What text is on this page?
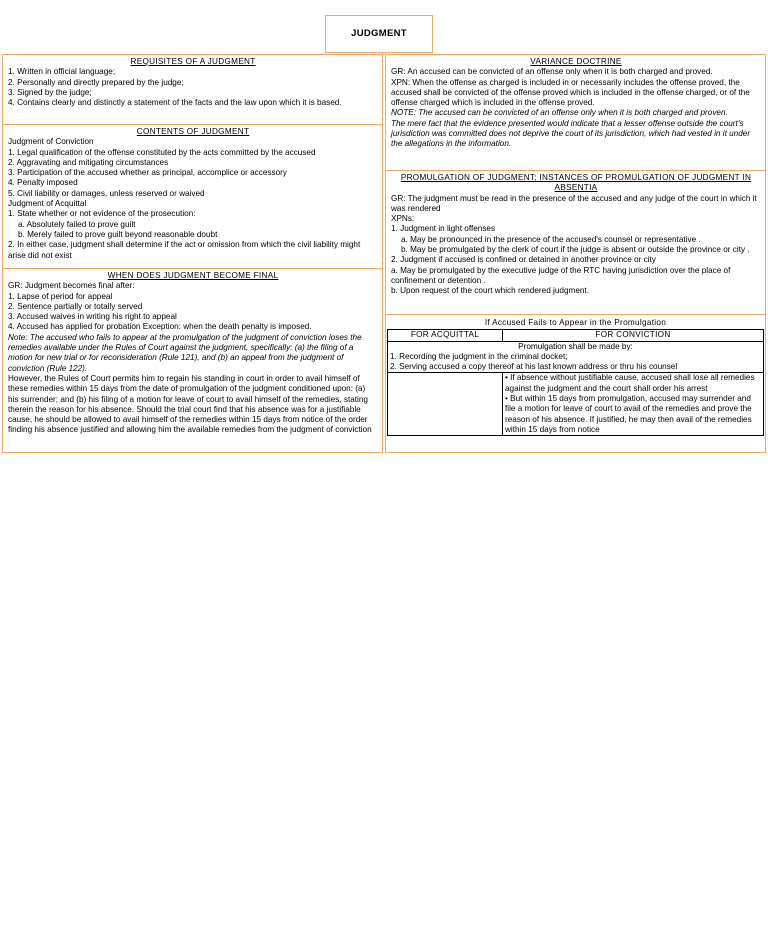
JUDGMENT
REQUISITES OF A JUDGMENT
1. Written in official language;
2. Personally and directly prepared by the judge;
3. Signed by the judge;
4. Contains clearly and distinctly a statement of the facts and the law upon which it is based.
CONTENTS OF JUDGMENT
Judgment of Conviction
1. Legal qualification of the offense constituted by the acts committed by the accused
2. Aggravating and mitigating circumstances
3. Participation of the accused whether as principal, accomplice or accessory
4. Penalty imposed
5. Civil liability or damages, unless reserved or waived
Judgment of Acquittal
1. State whether or not evidence of the prosecution:
a. Absolutely failed to prove guilt
b. Merely failed to prove guilt beyond reasonable doubt
2. In either case, judgment shall determine if the act or omission from which the civil liability might arise did not exist
WHEN DOES JUDGMENT BECOME FINAL
GR: Judgment becomes final after:
1. Lapse of period for appeal
2. Sentence partially or totally served
3. Accused waives in writing his right to appeal
4. Accused has applied for probation Exception: when the death penalty is imposed.
Note: The accused who fails to appear at the promulgation of the judgment of conviction loses the remedies available under the Rules of Court against the judgment, specifically: (a) the filing of a motion for new trial or for reconsideration (Rule 121), and (b) an appeal from the judgment of conviction (Rule 122).
However, the Rules of Court permits him to regain his standing in court in order to avail himself of these remedies within 15 days from the date of promulgation of the judgment conditioned upon: (a) his surrender; and (b) his filing of a motion for leave of court to avail himself of the remedies, stating therein the reason for his absence. Should the trial court find that his absence was for a justifiable cause, he should be allowed to avail himself of the remedies within 15 days from notice of the order finding his absence justified and allowing him the available remedies from the judgment of conviction
VARIANCE DOCTRINE
GR: An accused can be convicted of an offense only when it is both charged and proved.
XPN: When the offense as charged is included in or necessarily includes the offense proved, the accused shall be convicted of the offense proved which is included in the offense charged, or of the offense charged which is included in the offense proved.
NOTE: The accused can be convicted of an offense only when it is both charged and proven.
The mere fact that the evidence presented would indicate that a lesser offense outside the court's jurisdiction was committed does not deprive the court of its jurisdiction, which had vested in it under the allegations in the information.
PROMULGATION OF JUDGMENT; INSTANCES OF PROMULGATION OF JUDGMENT IN ABSENTIA
GR: The judgment must be read in the presence of the accused and any judge of the court in which it was rendered
XPNs:
1. Judgment in light offenses
a. May be pronounced in the presence of the accused's counsel or representative .
b. May be promulgated by the clerk of court if the judge is absent or outside the province or city .
2. Judgment if accused is confined or detained in another province or city
a. May be promulgated by the executive judge of the RTC having jurisdiction over the place of confinement or detention .
b. Upon request of the court which rendered judgment.
If Accused Fails to Appear in the Promulgation
FOR ACQUITTAL	FOR CONVICTION

Promulgation shall be made by:
1. Recording the judgment in the criminal docket;
2. Serving accused a copy thereof at his last known address or thru his counsel	

	• If absence without justifiable cause, accused shall lose all remedies against the judgment and the court shall order his arrest
• But within 15 days from promulgation, accused may surrender and file a motion for leave of court to avail of the remedies and prove the reason of his absence. If justified, he may then avail of the remedies within 15 days from notice
